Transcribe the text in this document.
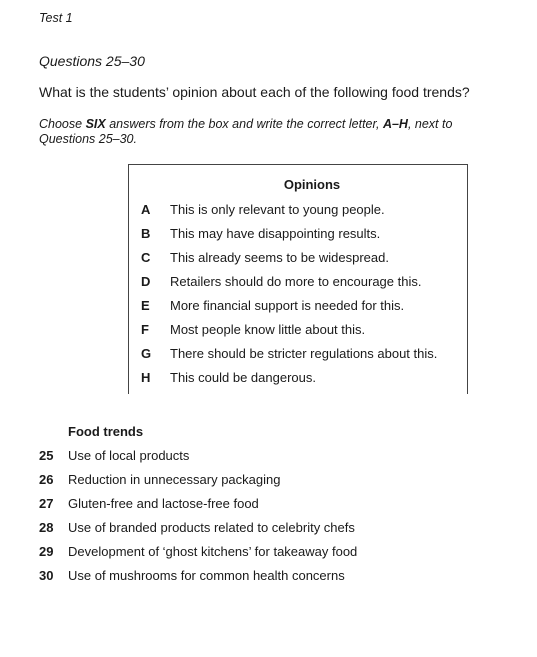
Test 1
Questions 25–30
What is the students’ opinion about each of the following food trends?
Choose SIX answers from the box and write the correct letter, A–H, next to Questions 25–30.
Opinions
A	This is only relevant to young people.
B	This may have disappointing results.
C	This already seems to be widespread.
D	Retailers should do more to encourage this.
E	More financial support is needed for this.
F	Most people know little about this.
G	There should be stricter regulations about this.
H	This could be dangerous.
Food trends
25	Use of local products
26	Reduction in unnecessary packaging
27	Gluten-free and lactose-free food
28	Use of branded products related to celebrity chefs
29	Development of ‘ghost kitchens’ for takeaway food
30	Use of mushrooms for common health concerns
